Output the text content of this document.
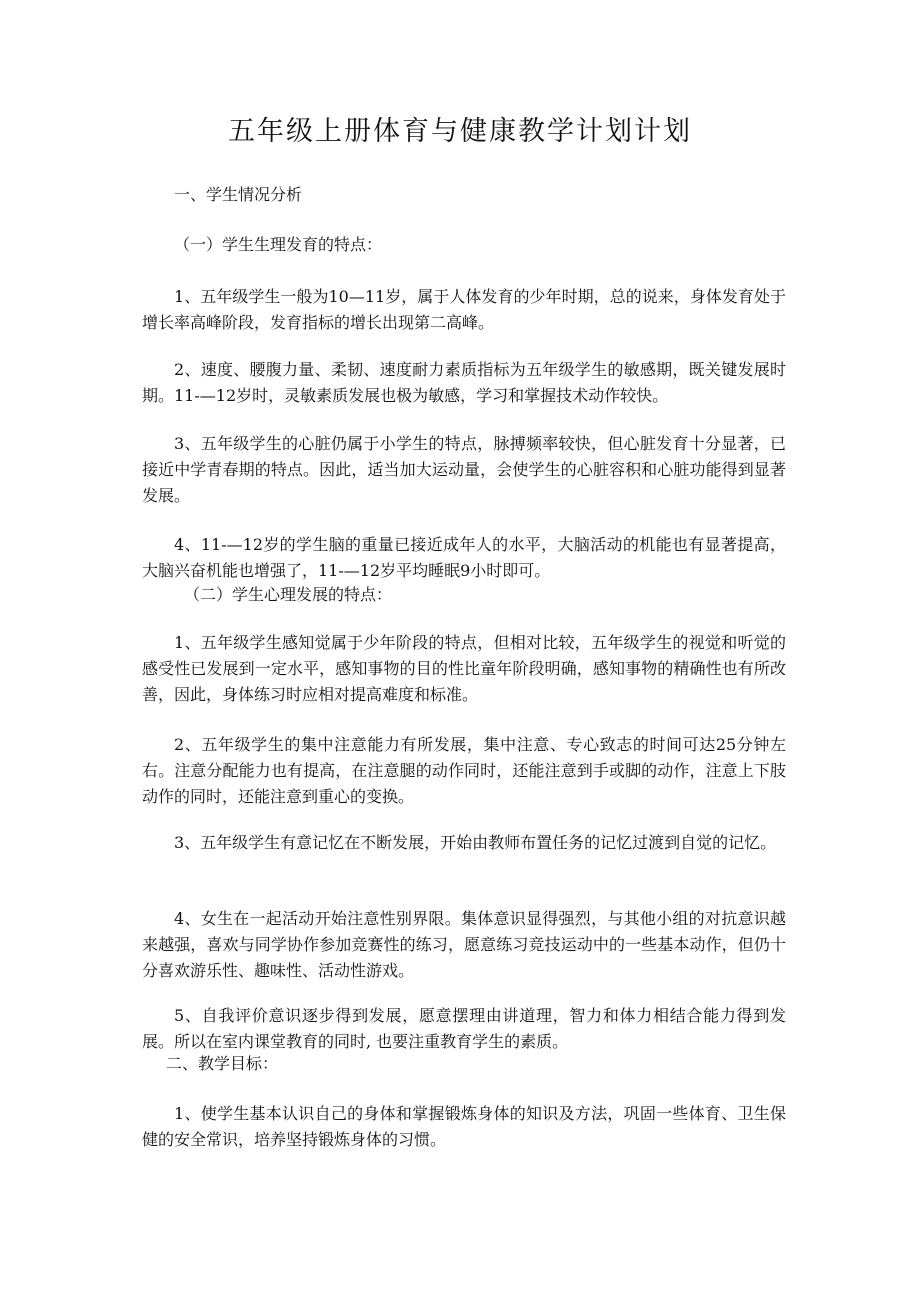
五年级上册体育与健康教学计划计划

一、学生情况分析

（一）学生生理发育的特点：

1、五年级学生一般为10—11岁，属于人体发育的少年时期，总的说来，身体发育处于增长率高峰阶段，发育指标的增长出现第二高峰。

2、速度、腰腹力量、柔韧、速度耐力素质指标为五年级学生的敏感期，既关键发展时期。11-—12岁时，灵敏素质发展也极为敏感，学习和掌握技术动作较快。

3、五年级学生的心脏仍属于小学生的特点，脉搏频率较快，但心脏发育十分显著，已接近中学青春期的特点。因此，适当加大运动量，会使学生的心脏容积和心脏功能得到显著发展。

4、11-—12岁的学生脑的重量已接近成年人的水平，大脑活动的机能也有显著提高，大脑兴奋机能也增强了，11-—12岁平均睡眠9小时即可。

（二）学生心理发展的特点：

1、五年级学生感知觉属于少年阶段的特点，但相对比较，五年级学生的视觉和听觉的感受性已发展到一定水平，感知事物的目的性比童年阶段明确，感知事物的精确性也有所改善，因此，身体练习时应相对提高难度和标准。

2、五年级学生的集中注意能力有所发展，集中注意、专心致志的时间可达25分钟左右。注意分配能力也有提高，在注意腿的动作同时，还能注意到手或脚的动作，注意上下肢动作的同时，还能注意到重心的变换。

3、五年级学生有意记忆在不断发展，开始由教师布置任务的记忆过渡到自觉的记忆。

4、女生在一起活动开始注意性别界限。集体意识显得强烈，与其他小组的对抗意识越来越强，喜欢与同学协作参加竞赛性的练习，愿意练习竞技运动中的一些基本动作，但仍十分喜欢游乐性、趣味性、活动性游戏。

5、自我评价意识逐步得到发展，愿意摆理由讲道理，智力和体力相结合能力得到发展。所以在室内课堂教育的同时, 也要注重教育学生的素质。

二、教学目标：

1、使学生基本认识自己的身体和掌握锻炼身体的知识及方法，巩固一些体育、卫生保健的安全常识，培养坚持锻炼身体的习惯。
